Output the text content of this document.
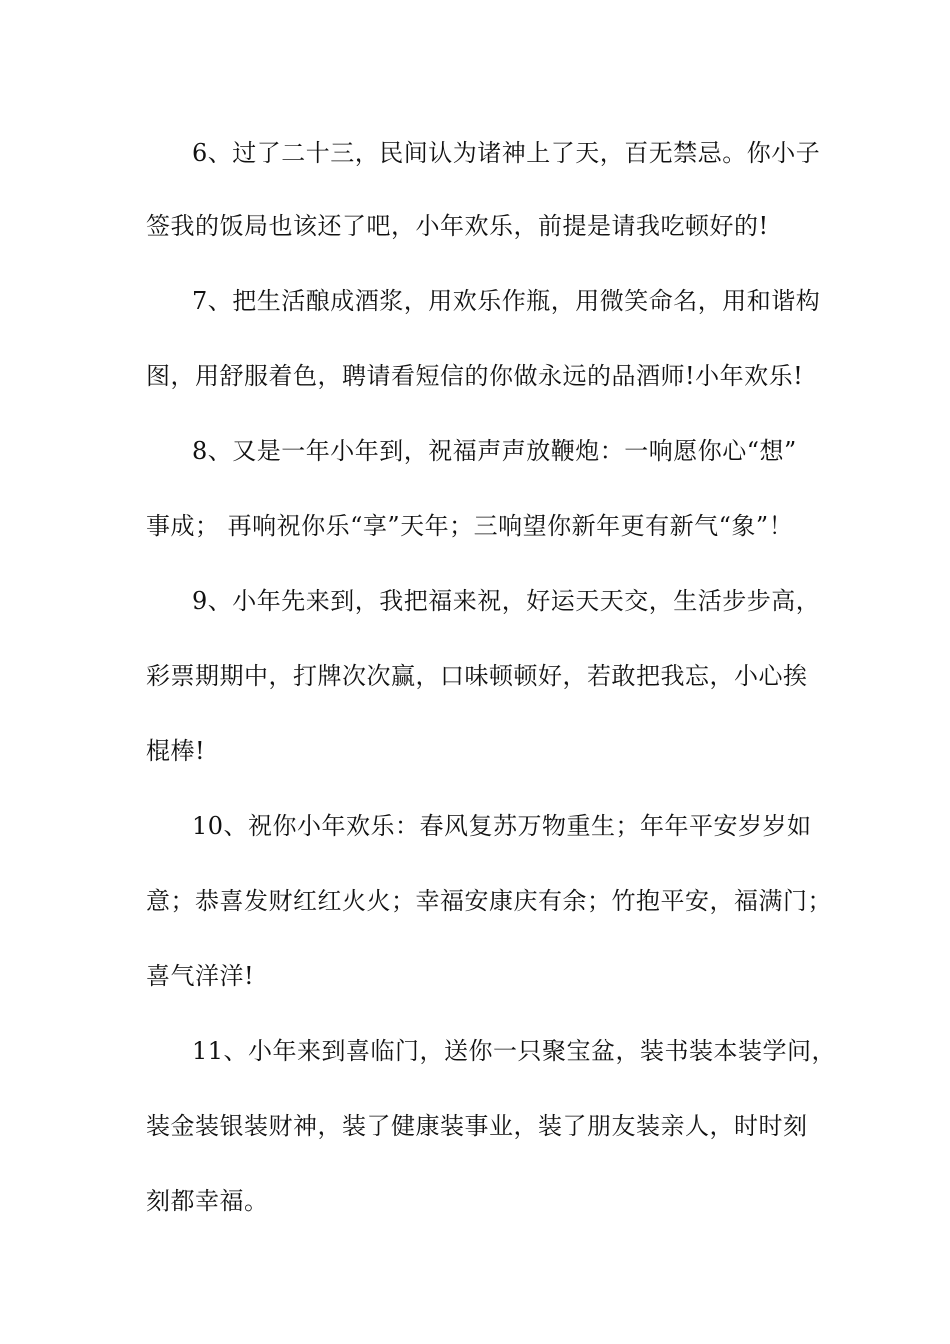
6、过了二十三，民间认为诸神上了天，百无禁忌。你小子
签我的饭局也该还了吧，小年欢乐，前提是请我吃顿好的!
7、把生活酿成酒浆，用欢乐作瓶，用微笑命名，用和谐构
图，用舒服着色，聘请看短信的你做永远的品酒师!小年欢乐!
8、又是一年小年到，祝福声声放鞭炮：一响愿你心“想”
事成； 再响祝你乐“享”天年；三响望你新年更有新气“象”！
9、小年先来到，我把福来祝，好运天天交，生活步步高，
彩票期期中，打牌次次赢，口味顿顿好，若敢把我忘，小心挨
棍棒!
10、祝你小年欢乐：春风复苏万物重生；年年平安岁岁如
意；恭喜发财红红火火；幸福安康庆有余；竹抱平安，福满门；
喜气洋洋!
11、小年来到喜临门，送你一只聚宝盆，装书装本装学问，
装金装银装财神，装了健康装事业，装了朋友装亲人，时时刻
刻都幸福。
